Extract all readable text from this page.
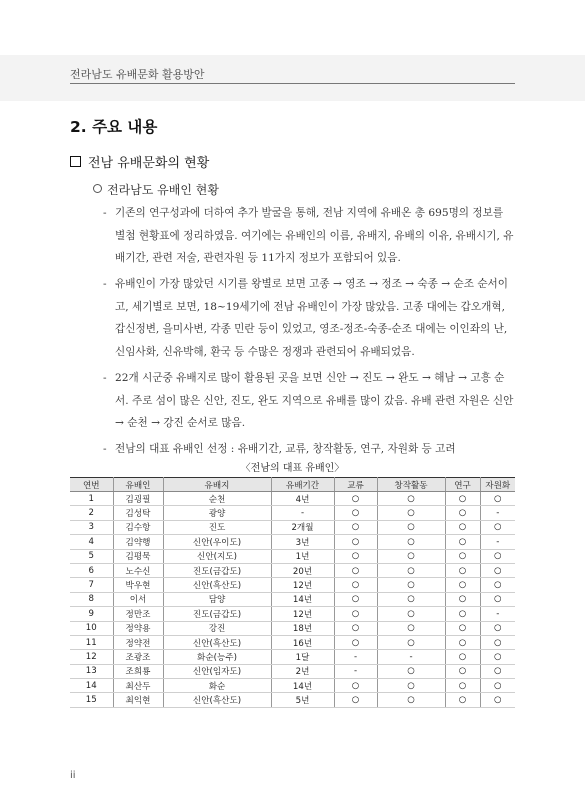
전라남도 유배문화 활용방안
2. 주요 내용
전남 유배문화의 현황
전라남도 유배인 현황
- 기존의 연구성과에 더하여 추가 발굴을 통해, 전남 지역에 유배온 총 695명의 정보를 별첨 현황표에 정리하였음. 여기에는 유배인의 이름, 유배지, 유배의 이유, 유배시기, 유배기간, 관련 저술, 관련자원 등 11가지 정보가 포함되어 있음.
- 유배인이 가장 많았던 시기를 왕별로 보면 고종 → 영조 → 정조 → 숙종 → 순조 순서이고, 세기별로 보면, 18~19세기에 전남 유배인이 가장 많았음. 고종 대에는 갑오개혁, 갑신정변, 을미사변, 각종 민란 등이 있었고, 영조-정조-숙종-순조 대에는 이인좌의 난, 신임사화, 신유박해, 환국 등 수많은 정쟁과 관련되어 유배되었음.
- 22개 시군중 유배지로 많이 활용된 곳을 보면 신안 → 진도 → 완도 → 해남 → 고흥 순서. 주로 섬이 많은 신안, 진도, 완도 지역으로 유배를 많이 갔음. 유배 관련 자원은 신안 → 순천 → 강진 순서로 많음.
- 전남의 대표 유배인 선정 : 유배기간, 교류, 창작활동, 연구, 자원화 등 고려
〈전남의 대표 유배인〉
연번	유배인	유배지	유배기간	교류	창작활동	연구	자원화
1	김굉필	순천	4년	○	○	○	○
2	김성탁	광양	-	○	○	○	-
3	김수항	진도	2개월	○	○	○	○
4	김약행	신안(우이도)	3년	○	○	○	-
5	김평묵	신안(지도)	1년	○	○	○	○
6	노수신	진도(금갑도)	20년	○	○	○	○
7	박우현	신안(흑산도)	12년	○	○	○	○
8	이서	담양	14년	○	○	○	○
9	정만조	진도(금갑도)	12년	○	○	○	-
10	정약용	강진	18년	○	○	○	○
11	정약전	신안(흑산도)	16년	○	○	○	○
12	조광조	화순(능주)	1달	-	-	○	○
13	조희룡	신안(임자도)	2년	-	○	○	○
14	최산두	화순	14년	○	○	○	○
15	최익현	신안(흑산도)	5년	○	○	○	○
ii
